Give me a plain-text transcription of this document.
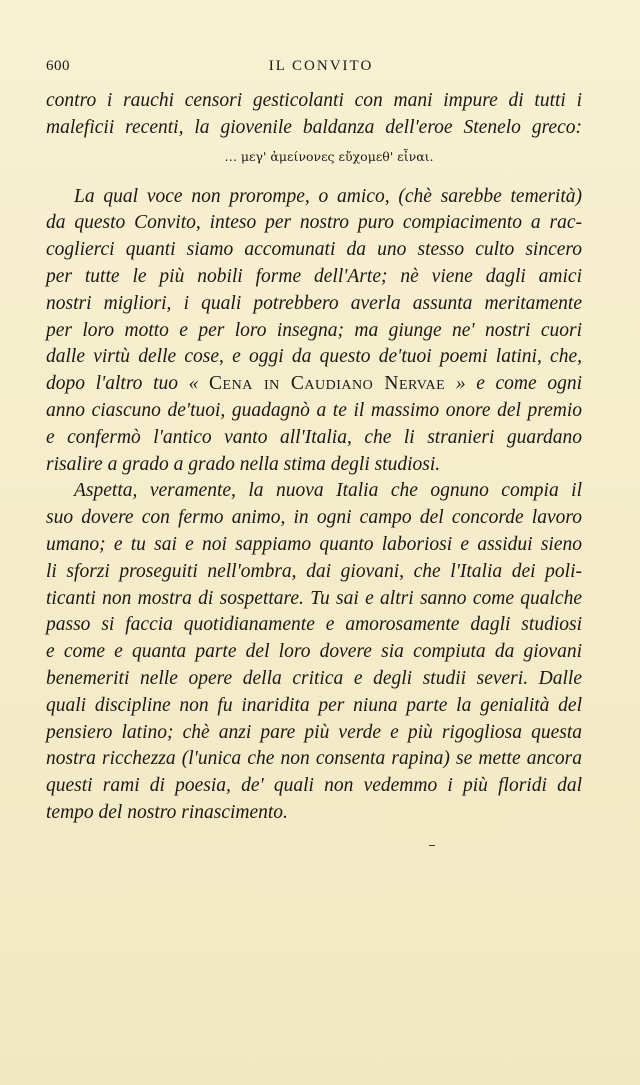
600	IL CONVITO
contro i rauchi censori gesticolanti con mani impure di tutti i
maleficii recenti, la giovenile baldanza dell'eroe Stenelo greco:
… μεγ' ἀμείνονες εὔχομεθ' εἶναι.
La qual voce non prorompe, o amico, (chè sarebbe temerità)
da questo Convito, inteso per nostro puro compiacimento a rac-
coglierci quanti siamo accomunati da uno stesso culto sincero
per tutte le più nobili forme dell'Arte; nè viene dagli amici
nostri migliori, i quali potrebbero averla assunta meritamente
per loro motto e per loro insegna; ma giunge ne' nostri cuori
dalle virtù delle cose, e oggi da questo de'tuoi poemi latini, che,
dopo l'altro tuo « Cena in Caudiano Nervae » e come ogni
anno ciascuno de'tuoi, guadagnò a te il massimo onore del premio
e confermò l'antico vanto all'Italia, che li stranieri guardano
risalire a grado a grado nella stima degli studiosi.
Aspetta, veramente, la nuova Italia che ognuno compia il
suo dovere con fermo animo, in ogni campo del concorde lavoro
umano; e tu sai e noi sappiamo quanto laboriosi e assidui sieno
li sforzi proseguiti nell'ombra, dai giovani, che l'Italia dei poli-
ticanti non mostra di sospettare. Tu sai e altri sanno come qualche
passo si faccia quotidianamente e amorosamente dagli studiosi
e come e quanta parte del loro dovere sia compiuta da giovani
benemeriti nelle opere della critica e degli studii severi. Dalle
quali discipline non fu inaridita per niuna parte la genialità del
pensiero latino; chè anzi pare più verde e più rigogliosa questa
nostra ricchezza (l'unica che non consenta rapina) se mette ancora
questi rami di poesia, de' quali non vedemmo i più floridi dal
tempo del nostro rinascimento.
